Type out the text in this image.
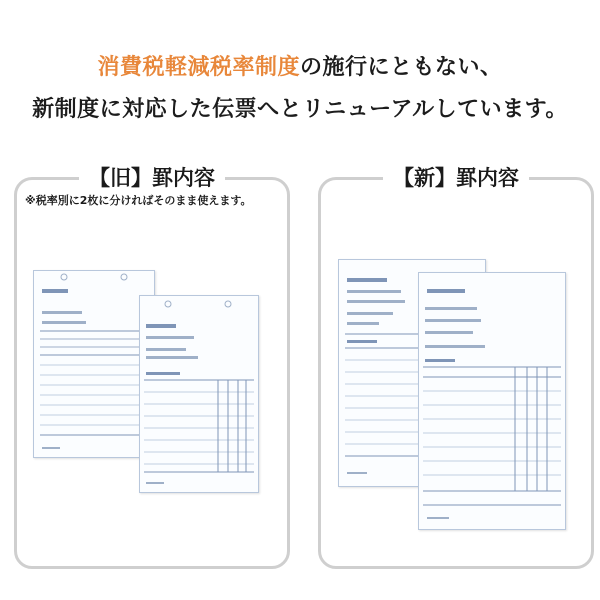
消費税軽減税率制度の施行にともない、
新制度に対応した伝票へとリニューアルしています。
【旧】罫内容
※税率別に2枚に分ければそのまま使えます。
【新】罫内容
